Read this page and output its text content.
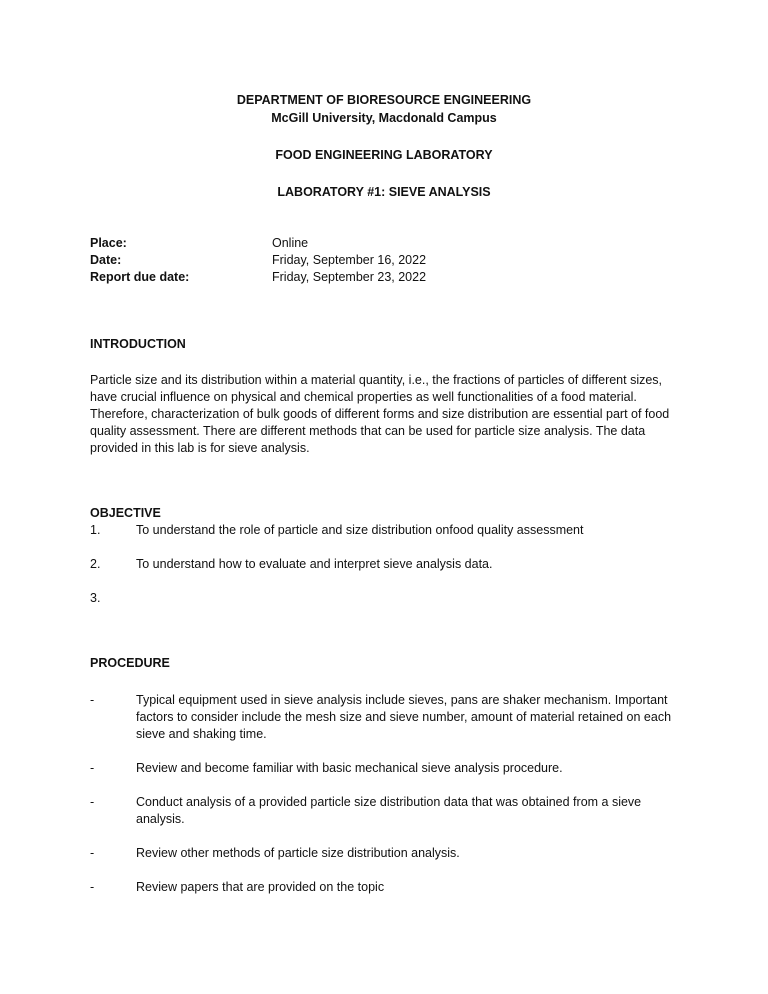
DEPARTMENT OF BIORESOURCE ENGINEERING
McGill University, Macdonald Campus
FOOD ENGINEERING LABORATORY
LABORATORY #1: SIEVE ANALYSIS
Place:	Online
Date:	Friday, September 16, 2022
Report due date:	Friday, September 23, 2022
INTRODUCTION
Particle size and its distribution within a material quantity, i.e., the fractions of particles of different sizes, have crucial influence on physical and chemical properties as well functionalities of a food material. Therefore, characterization of bulk goods of different forms and size distribution are essential part of food quality assessment. There are different methods that can be used for particle size analysis. The data provided in this lab is for sieve analysis.
OBJECTIVE
1.	To understand the role of particle and size distribution onfood quality assessment
2.	To understand how to evaluate and interpret sieve analysis data.
3.
PROCEDURE
-	Typical equipment used in sieve analysis include sieves, pans are shaker mechanism. Important factors to consider include the mesh size and sieve number, amount of material retained on each sieve and shaking time.
-	Review and become familiar with basic mechanical sieve analysis procedure.
-	Conduct analysis of a provided particle size distribution data that was obtained from a sieve analysis.
-	Review other methods of particle size distribution analysis.
-	Review papers that are provided on the topic
